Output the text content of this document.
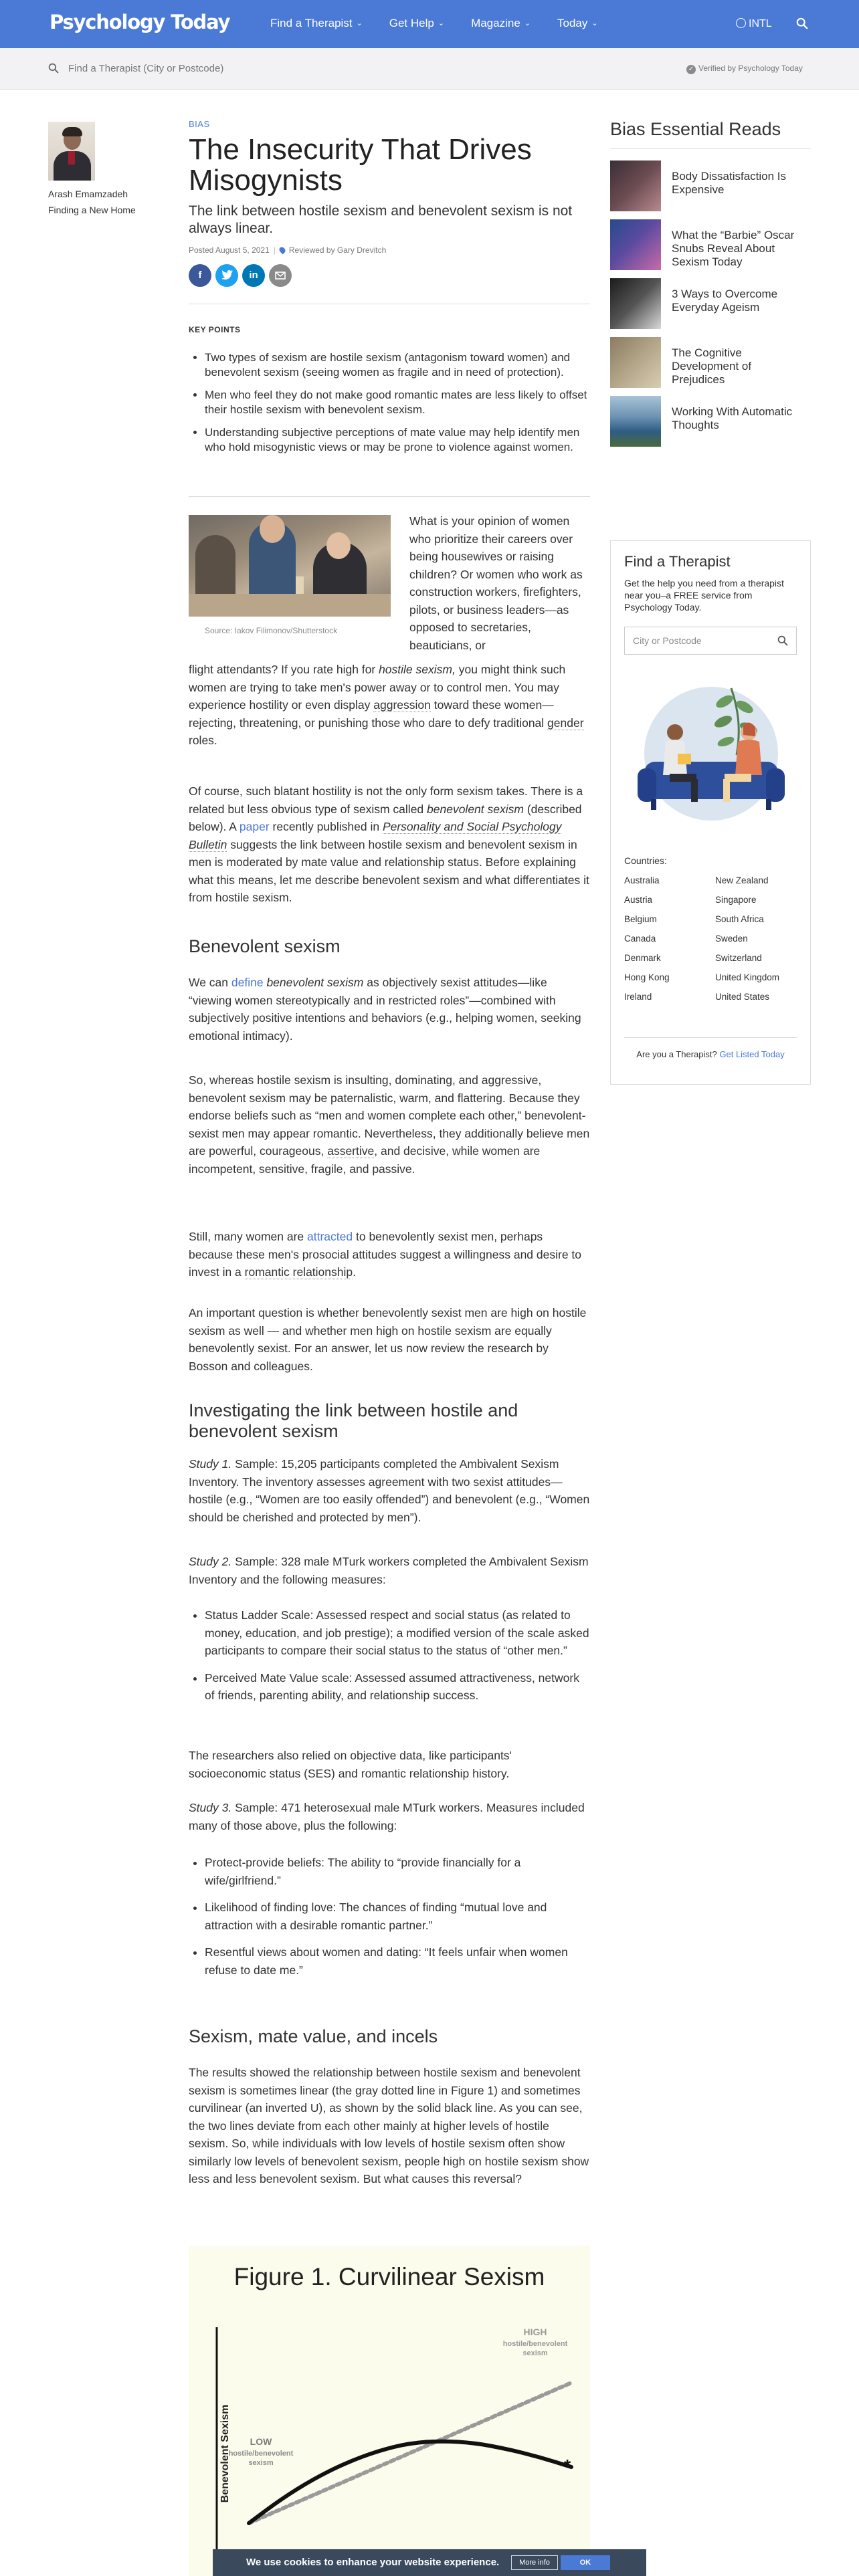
Psychology Today	Find a Therapist ⌄ Get Help ⌄ Magazine ⌄ Today ⌄	INTL
Find a Therapist (City or Postcode)	✓ Verified by Psychology Today
Arash Emamzadeh
Finding a New Home
BIAS
The Insecurity That Drives Misogynists
The link between hostile sexism and benevolent sexism is not always linear.
Posted August 5, 2021 | Reviewed by Gary Drevitch
f	in
KEY POINTS
• Two types of sexism are hostile sexism (antagonism toward women) and benevolent sexism (seeing women as fragile and in need of protection).
• Men who feel they do not make good romantic mates are less likely to offset their hostile sexism with benevolent sexism.
• Understanding subjective perceptions of mate value may help identify men who hold misogynistic views or may be prone to violence against women.
Source: Iakov Filimonov/Shutterstock

What is your opinion of women who prioritize their careers over being housewives or raising children? Or women who work as construction workers, firefighters, pilots, or business leaders—as opposed to secretaries, beauticians, or

flight attendants? If you rate high for hostile sexism, you might think such women are trying to take men's power away or to control men. You may experience hostility or even display aggression toward these women—rejecting, threatening, or punishing those who dare to defy traditional gender roles.

Of course, such blatant hostility is not the only form sexism takes. There is a related but less obvious type of sexism called benevolent sexism (described below). A paper recently published in Personality and Social Psychology Bulletin suggests the link between hostile sexism and benevolent sexism in men is moderated by mate value and relationship status. Before explaining what this means, let me describe benevolent sexism and what differentiates it from hostile sexism.

Benevolent sexism

We can define benevolent sexism as objectively sexist attitudes—like “viewing women stereotypically and in restricted roles”—combined with subjectively positive intentions and behaviors (e.g., helping women, seeking emotional intimacy).

So, whereas hostile sexism is insulting, dominating, and aggressive, benevolent sexism may be paternalistic, warm, and flattering. Because they endorse beliefs such as “men and women complete each other,” benevolent-sexist men may appear romantic. Nevertheless, they additionally believe men are powerful, courageous, assertive, and decisive, while women are incompetent, sensitive, fragile, and passive.

Still, many women are attracted to benevolently sexist men, perhaps because these men's prosocial attitudes suggest a willingness and desire to invest in a romantic relationship.

An important question is whether benevolently sexist men are high on hostile sexism as well — and whether men high on hostile sexism are equally benevolently sexist. For an answer, let us now review the research by Bosson and colleagues.

Investigating the link between hostile and benevolent sexism

Study 1. Sample: 15,205 participants completed the Ambivalent Sexism Inventory. The inventory assesses agreement with two sexist attitudes—hostile (e.g., “Women are too easily offended”) and benevolent (e.g., “Women should be cherished and protected by men”).

Study 2. Sample: 328 male MTurk workers completed the Ambivalent Sexism Inventory and the following measures:

• Status Ladder Scale: Assessed respect and social status (as related to money, education, and job prestige); a modified version of the scale asked participants to compare their social status to the status of “other men.”
• Perceived Mate Value scale: Assessed assumed attractiveness, network of friends, parenting ability, and relationship success.

The researchers also relied on objective data, like participants' socioeconomic status (SES) and romantic relationship history.

Study 3. Sample: 471 heterosexual male MTurk workers. Measures included many of those above, plus the following:

• Protect-provide beliefs: The ability to “provide financially for a wife/girlfriend.”
• Likelihood of finding love: The chances of finding “mutual love and attraction with a desirable romantic partner.”
• Resentful views about women and dating: “It feels unfair when women refuse to date me.”
Sexism, mate value, and incels

The results showed the relationship between hostile sexism and benevolent sexism is sometimes linear (the gray dotted line in Figure 1) and sometimes curvilinear (an inverted U), as shown by the solid black line. As you can see, the two lines deviate from each other mainly at higher levels of hostile sexism. So, while individuals with low levels of hostile sexism often show similarly low levels of benevolent sexism, people high on hostile sexism show less and less benevolent sexism. But what causes this reversal?

Figure 1. Curvilinear Sexism
Benevolent Sexism LOW
hostile/benevolent
sexism
HIGH
hostile/benevolent
sexism
*
Bias Essential Reads
Body Dissatisfaction Is Expensive
What the “Barbie” Oscar Snubs Reveal About Sexism Today
3 Ways to Overcome Everyday Ageism
The Cognitive Development of Prejudices
Working With Automatic Thoughts
Find a Therapist
Get the help you need from a therapist near you–a FREE service from Psychology Today.
City or Postcode
Countries:
Australia
Austria
Belgium
Canada
Denmark
Hong Kong
Ireland
New Zealand
Singapore
South Africa
Sweden
Switzerland
United Kingdom
United States
Are you a Therapist? Get Listed Today
We use cookies to enhance your website experience.	More info	OK
